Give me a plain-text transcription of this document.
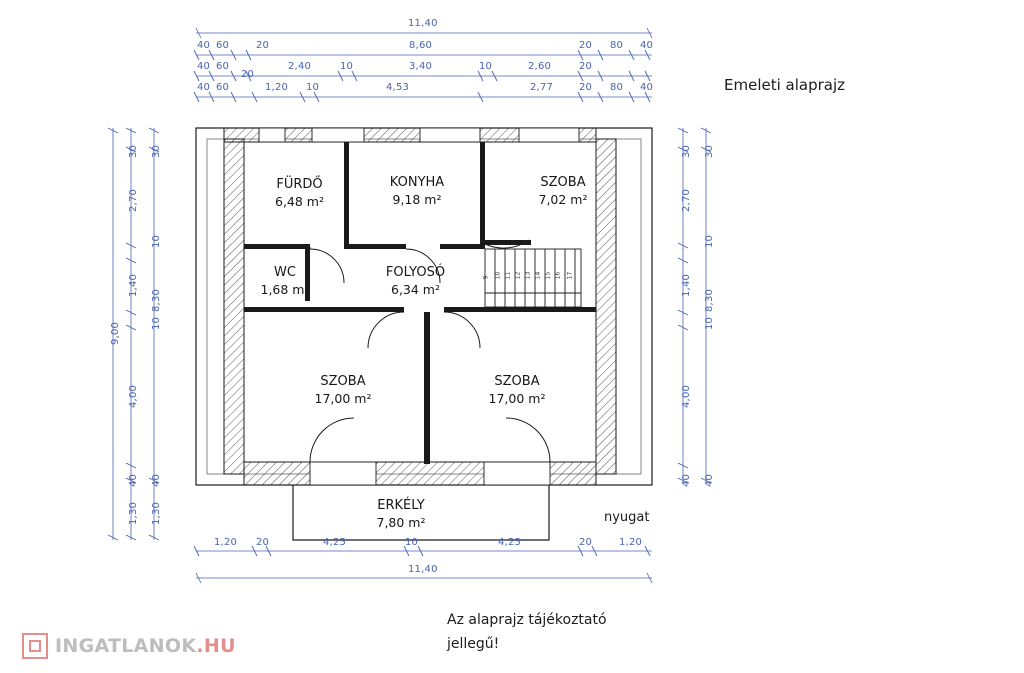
11,40
40 60	20	8,60	20 80 40
40 60
20
2,40	10	3,40	10	2,60	20
40 60	1,20 10	4,53	2,77	20 80 40
9,00
30
2,70
1,40
4,00
40
1,30
30
10
8,30
10
40
1,30
30
2,70
1,40
4,00
40
30
10
8,30
10
40
1,20 20	4,25	10	4,25	20	1,20
11,40
9 10 11 12 13 14 15 16 17
FÜRDŐ
6,48 m²
KONYHA
9,18 m²
SZOBA
7,02 m²
WC
1,68 m²
FOLYOSÓ
6,34 m²
SZOBA
17,00 m²
SZOBA
17,00 m²
ERKÉLY
7,80 m²
Emeleti alaprajz
nyugat
Az alaprajz tájékoztató
jellegű!
INGATLANOK.HU
